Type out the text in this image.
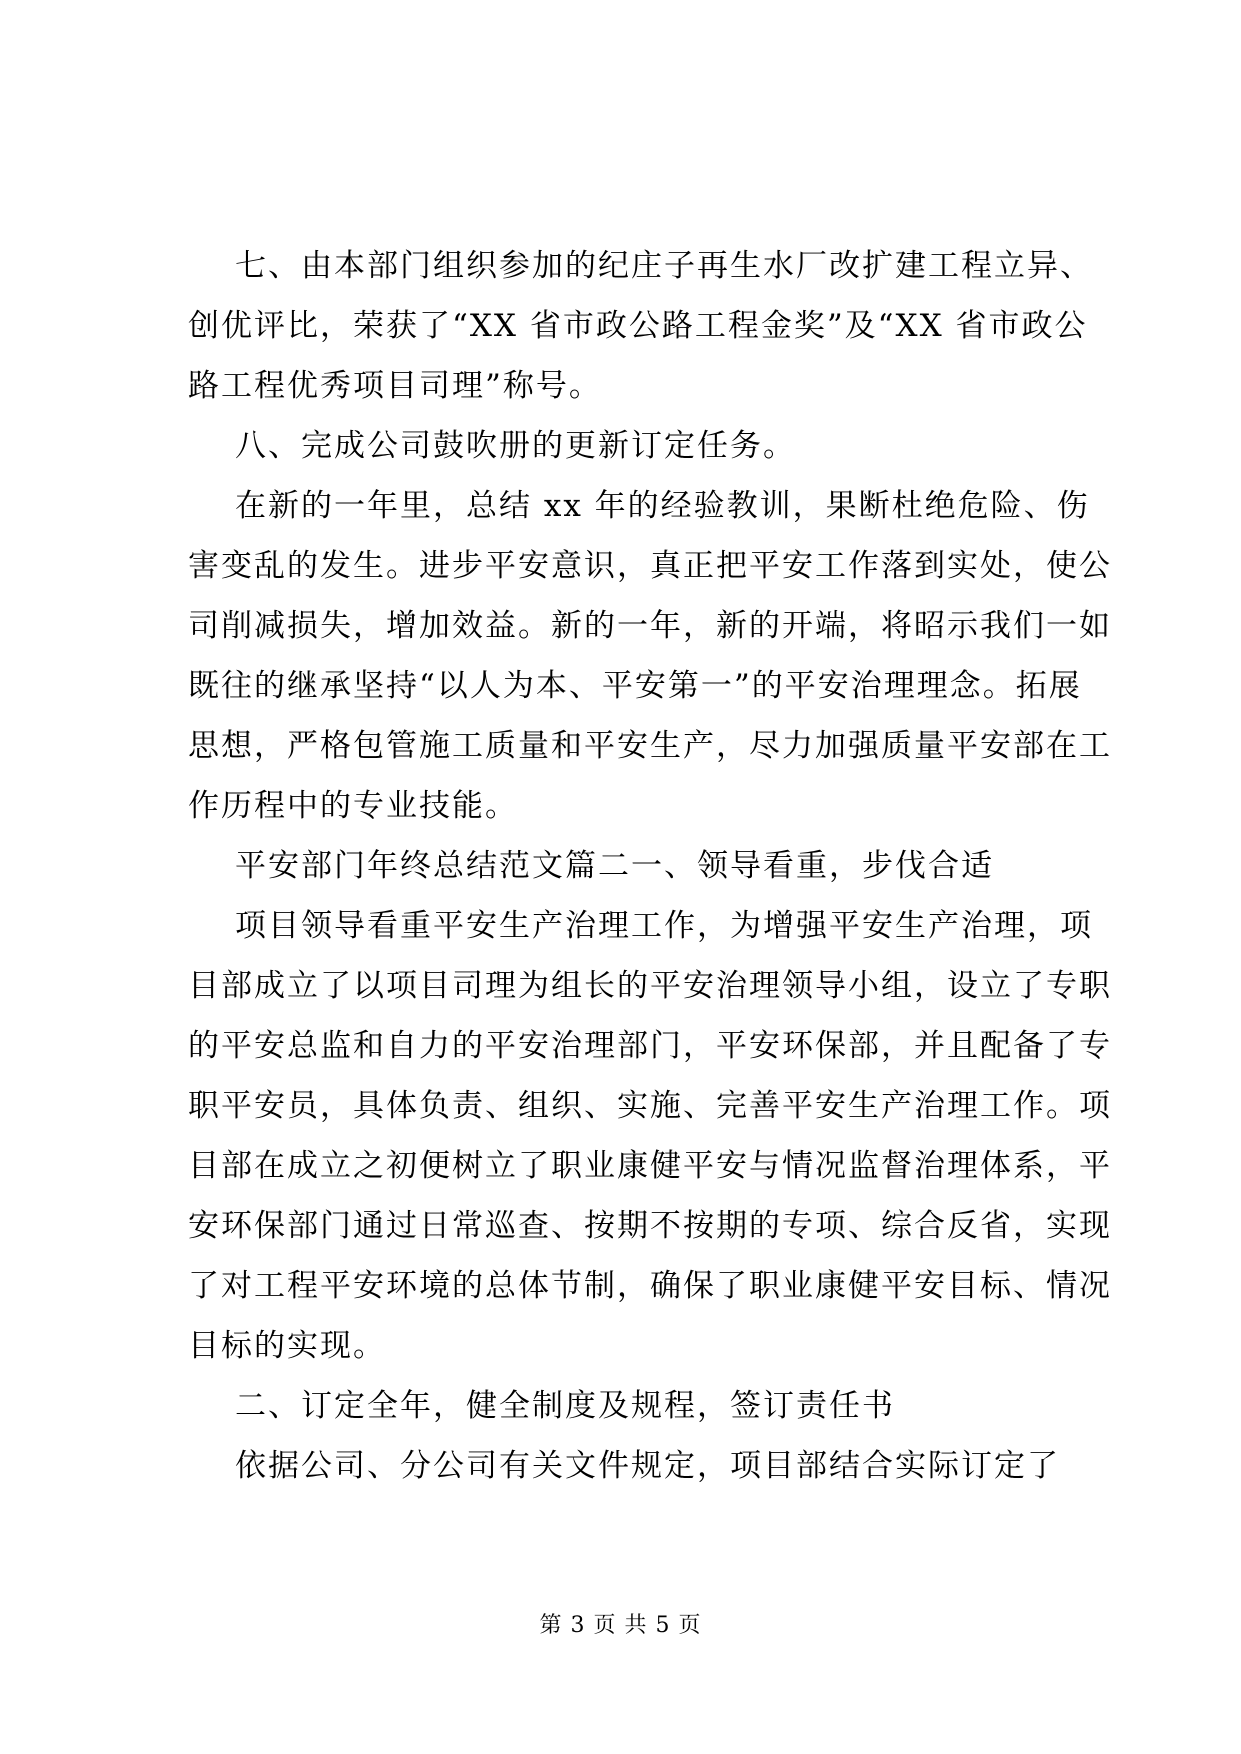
七、由本部门组织参加的纪庄子再生水厂改扩建工程立异、
创优评比，荣获了“XX 省市政公路工程金奖”及“XX 省市政公
路工程优秀项目司理”称号。
八、完成公司鼓吹册的更新订定任务。
在新的一年里，总结 xx 年的经验教训，果断杜绝危险、伤
害变乱的发生。进步平安意识，真正把平安工作落到实处，使公
司削减损失，增加效益。新的一年，新的开端，将昭示我们一如
既往的继承坚持“以人为本、平安第一”的平安治理理念。拓展
思想，严格包管施工质量和平安生产，尽力加强质量平安部在工
作历程中的专业技能。
平安部门年终总结范文篇二一、领导看重，步伐合适
项目领导看重平安生产治理工作，为增强平安生产治理，项
目部成立了以项目司理为组长的平安治理领导小组，设立了专职
的平安总监和自力的平安治理部门，平安环保部，并且配备了专
职平安员，具体负责、组织、实施、完善平安生产治理工作。项
目部在成立之初便树立了职业康健平安与情况监督治理体系，平
安环保部门通过日常巡查、按期不按期的专项、综合反省，实现
了对工程平安环境的总体节制，确保了职业康健平安目标、情况
目标的实现。
二、订定全年，健全制度及规程，签订责任书
依据公司、分公司有关文件规定，项目部结合实际订定了
第 3 页 共 5 页
